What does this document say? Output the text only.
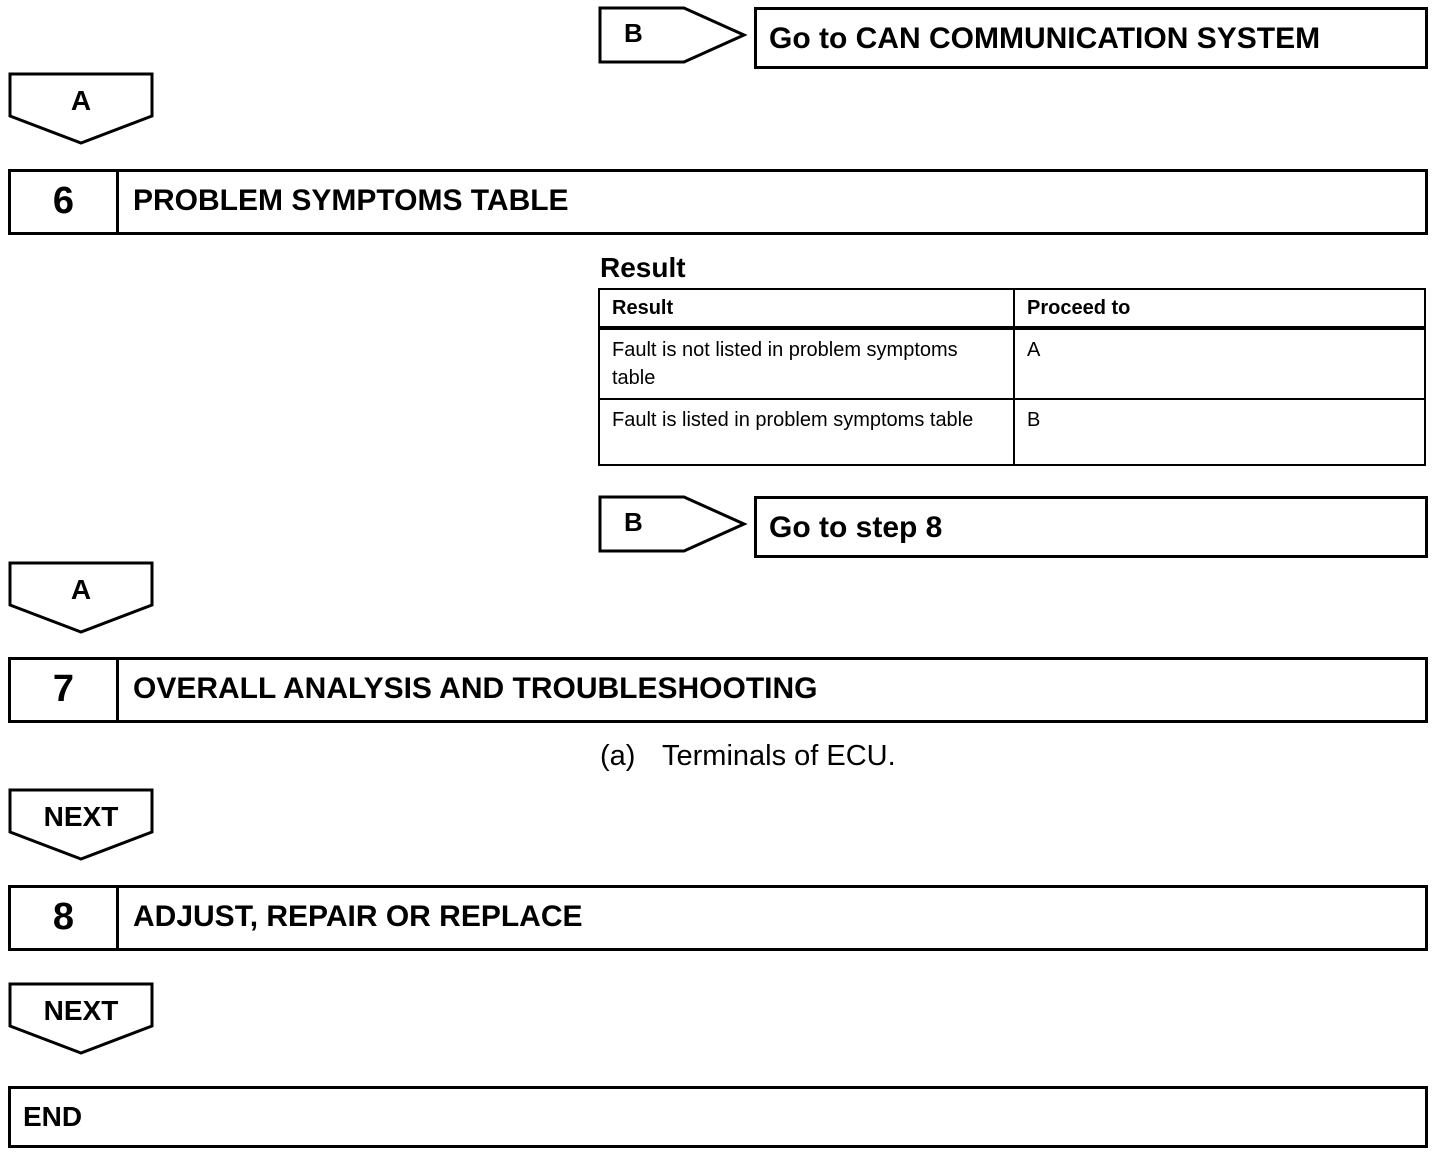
B	Go to CAN COMMUNICATION SYSTEM
A
6	PROBLEM SYMPTOMS TABLE
Result
Result	Proceed to
Fault is not listed in problem symptoms table	A
Fault is listed in problem symptoms table	B
B	Go to step 8
A
7	OVERALL ANALYSIS AND TROUBLESHOOTING
(a) Terminals of ECU.
NEXT
8	ADJUST, REPAIR OR REPLACE
NEXT
END
